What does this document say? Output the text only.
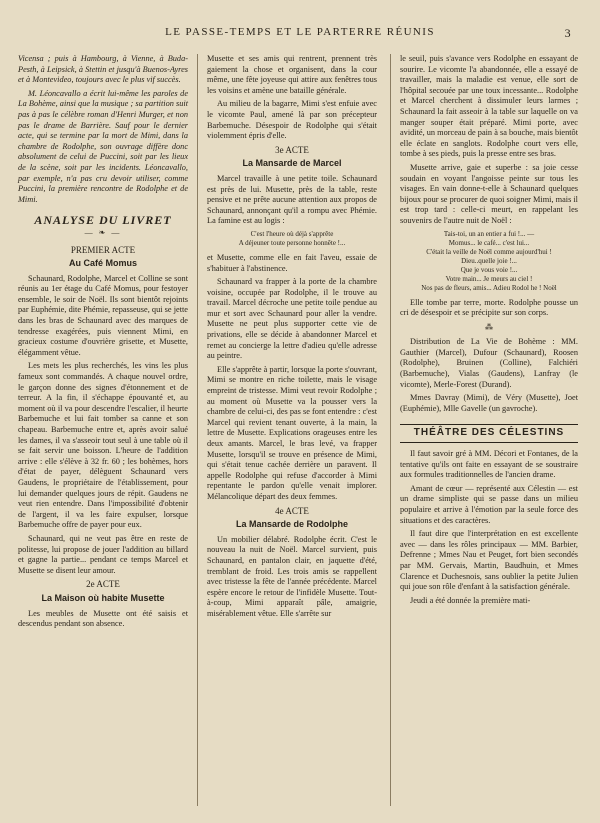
LE PASSE-TEMPS ET LE PARTERRE RÉUNIS	3

Vicensa ; puis à Hambourg, à Vienne, à Buda-Pesth, à Leipsick, à Stettin et jusqu'à Buenos-Ayres et à Montevideo, toujours avec le plus vif succès.

M. Léoncavallo a écrit lui-même les paroles de La Bohème, ainsi que la musique ; sa partition suit pas à pas le célèbre roman d'Henri Murger, et non pas le drame de Barrière. Sauf pour le dernier acte, qui se termine par la mort de Mimi, dans la chambre de Rodolphe, son ouvrage diffère donc absolument de celui de Puccini, soit par les lieux de la scène, soit par les incidents. Léoncavallo, par exemple, n'a pas cru devoir utiliser, comme Puccini, la première rencontre de Rodolphe et de Mimi.

ANALYSE DU LIVRET
— ❧ —

PREMIER ACTE

Au Café Momus

Schaunard, Rodolphe, Marcel et Colline se sont réunis au 1er étage du Café Momus, pour festoyer ensemble, le soir de Noël. Ils sont bientôt rejoints par Euphémie, dite Phémie, repasseuse, qui se jette dans les bras de Schaunard avec des marques de tendresse exagérées, puis viennent Mimi, en gracieux costume d'ouvrière grisette, et Musette, élégamment vêtue.

Les mets les plus recherchés, les vins les plus fameux sont commandés. A chaque nouvel ordre, le garçon donne des signes d'étonnement et de terreur. A la fin, il s'échappe épouvanté et, au moment où il va pour descendre l'escalier, il heurte Barbemuche et lui fait tomber sa canne et son chapeau. Barbemuche entre et, après avoir salué les dames, il va s'asseoir tout seul à une table où il se fait servir une boisson. L'heure de l'addition arrive : elle s'élève à 32 fr. 60 ; les bohèmes, hors d'état de payer, délèguent Schaunard vers Gaudens, le propriétaire de l'établissement, pour lui demander quelques jours de répit. Gaudens ne veut rien entendre. Dans l'impossibilité d'obtenir de l'argent, il va les faire expulser, lorsque Barbemuche offre de payer pour eux.

Schaunard, qui ne veut pas être en reste de politesse, lui propose de jouer l'addition au billard et gagne la partie... pendant ce temps Marcel et Musette se disent leur amour.

2e ACTE

La Maison où habite Musette

Les meubles de Musette ont été saisis et descendus pendant son absence.

Musette et ses amis qui rentrent, prennent très gaiement la chose et organisent, dans la cour même, une fête joyeuse qui attire aux fenêtres tous les voisins et amène une bataille générale.

Au milieu de la bagarre, Mimi s'est enfuie avec le vicomte Paul, amené là par son précepteur Barbemuche. Désespoir de Rodolphe qui s'était violemment épris d'elle.

3e ACTE

La Mansarde de Marcel

Marcel travaille à une petite toile. Schaunard est près de lui. Musette, près de la table, reste pensive et ne prête aucune attention aux propos de Schaunard, annonçant qu'il a rompu avec Phémie. La famine est au logis :

C'est l'heure où déjà s'apprête
A déjeuner toute personne honnête !...

et Musette, comme elle en fait l'aveu, essaie de s'habituer à l'abstinence.

Schaunard va frapper à la porte de la chambre voisine, occupée par Rodolphe, il le trouve au travail. Marcel décroche une petite toile pendue au mur et sort avec Schaunard pour aller la vendre. Musette ne peut plus supporter cette vie de privations, elle se décide à abandonner Marcel et remet au concierge la lettre d'adieu qu'elle adresse au peintre.

Elle s'apprête à partir, lorsque la porte s'ouvrant, Mimi se montre en riche toilette, mais le visage empreint de tristesse. Mimi veut revoir Rodolphe ; au moment où Musette va la pousser vers la chambre de celui-ci, des pas se font entendre : c'est Marcel qui revient tenant ouverte, à la main, la lettre de Musette. Explications orageuses entre les deux amants. Marcel, le bras levé, va frapper Musette, lorsqu'il se trouve en présence de Mimi, qui s'était tenue cachée derrière un paravent. Il appelle Rodolphe qui refuse d'accorder à Mimi repentante le pardon qu'elle venait implorer. Mélancolique départ des deux femmes.

4e ACTE

La Mansarde de Rodolphe

Un mobilier délabré. Rodolphe écrit. C'est le nouveau la nuit de Noël. Marcel survient, puis Schaunard, en pantalon clair, en jaquette d'été, tremblant de froid. Les trois amis se rappellent avec tristesse la fête de l'année précédente. Marcel espère encore le retour de l'infidèle Musette. Tout-à-coup, Mimi apparaît pâle, amaigrie, misérablement vêtue. Elle s'arrête sur

le seuil, puis s'avance vers Rodolphe en essayant de sourire. Le vicomte l'a abandonnée, elle a essayé de travailler, mais la maladie est venue, elle sort de l'hôpital secouée par une toux incessante... Rodolphe et Marcel cherchent à dissimuler leurs larmes ; Schaunard la fait asseoir à la table sur laquelle on va manger souper était préparé. Mimi porte, avec avidité, un morceau de pain à sa bouche, mais bientôt elle éclate en sanglots. Rodolphe court vers elle, tombe à ses pieds, puis la presse entre ses bras.

Musette arrive, gaie et superbe : sa joie cesse soudain en voyant l'angoisse peinte sur tous les visages. En vain donne-t-elle à Schaunard quelques bijoux pour se procurer de quoi soigner Mimi, mais il est trop tard : celle-ci meurt, en rappelant les souvenirs de l'autre nuit de Noël :

Tais-toi, un an entier a fui !... —
Momus... le café... c'est lui...
C'était la veille de Noël comme aujourd'hui !
Dieu..quelle joie !...
Que je vous voie !...
Votre main... Je meurs au ciel !
Nos pas de fleurs, amis... Adieu Rodol he ! Noël

Elle tombe par terre, morte. Rodolphe pousse un cri de désespoir et se précipite sur son corps.

⁂

Distribution de La Vie de Bohème : MM. Gauthier (Marcel), Dufour (Schaunard), Roosen (Rodolphe), Bruinen (Colline), Falchiéri (Barbemuche), Vialas (Gaudens), Lanfray (le vicomte), Merle-Forest (Durand).

Mmes Davray (Mimi), de Véry (Musette), Joet (Euphémie), Mlle Gavelle (un gavroche).

THÉÂTRE DES CÉLESTINS

Il faut savoir gré à MM. Décori et Fontanes, de la tentative qu'ils ont faite en essayant de se soustraire aux formules traditionnelles de l'ancien drame.

Amant de cœur — représenté aux Célestin — est un drame simpliste qui se passe dans un milieu populaire et arrive à l'émotion par la seule force des situations et des caractères.

Il faut dire que l'interprétation en est excellente avec — dans les rôles principaux — MM. Barbier, Defrenne ; Mmes Nau et Peuget, fort bien secondés par MM. Gervais, Martin, Baudhuin, et Mmes Clarence et Duchesnois, sans oublier la petite Julien qui joue son rôle d'enfant à la satisfaction générale.

Jeudi a été donnée la première mati-
